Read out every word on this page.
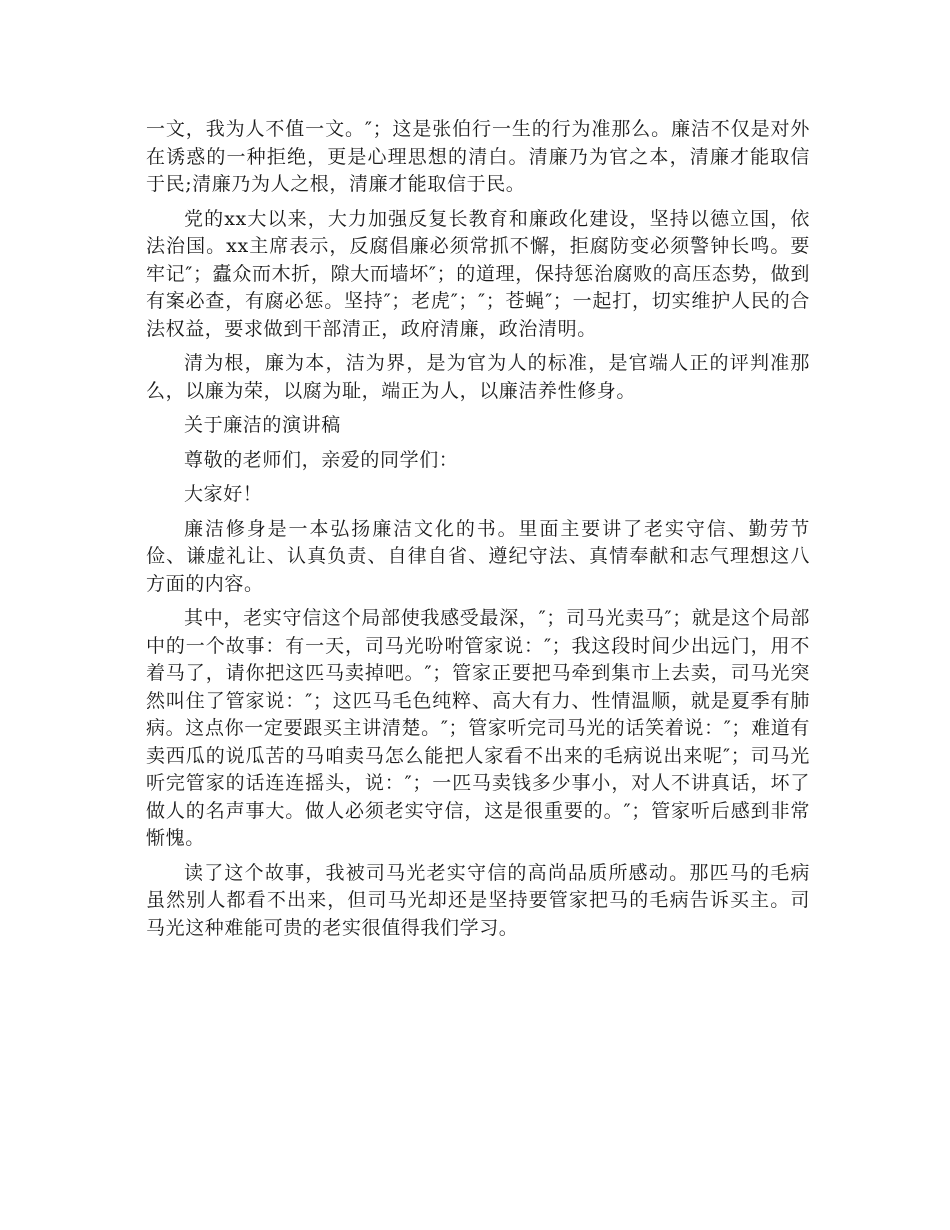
一文，我为人不值一文。″；这是张伯行一生的行为准那么。廉洁不仅是对外在诱惑的一种拒绝，更是心理思想的清白。清廉乃为官之本，清廉才能取信于民;清廉乃为人之根，清廉才能取信于民。

党的xx大以来，大力加强反复长教育和廉政化建设，坚持以德立国，依法治国。xx主席表示，反腐倡廉必须常抓不懈，拒腐防变必须警钟长鸣。要牢记″；蠹众而木折，隙大而墙坏″；的道理，保持惩治腐败的高压态势，做到有案必查，有腐必惩。坚持″；老虎″；″；苍蝇″；一起打，切实维护人民的合法权益，要求做到干部清正，政府清廉，政治清明。

清为根，廉为本，洁为界，是为官为人的标准，是官端人正的评判准那么，以廉为荣，以腐为耻，端正为人，以廉洁养性修身。

关于廉洁的演讲稿

尊敬的老师们，亲爱的同学们：

大家好！

廉洁修身是一本弘扬廉洁文化的书。里面主要讲了老实守信、勤劳节俭、谦虚礼让、认真负责、自律自省、遵纪守法、真情奉献和志气理想这八方面的内容。

其中，老实守信这个局部使我感受最深，″；司马光卖马″；就是这个局部中的一个故事：有一天，司马光吩咐管家说：″；我这段时间少出远门，用不着马了，请你把这匹马卖掉吧。″；管家正要把马牵到集市上去卖，司马光突然叫住了管家说：″；这匹马毛色纯粹、高大有力、性情温顺，就是夏季有肺病。这点你一定要跟买主讲清楚。″；管家听完司马光的话笑着说：″；难道有卖西瓜的说瓜苦的马咱卖马怎么能把人家看不出来的毛病说出来呢″；司马光听完管家的话连连摇头，说：″；一匹马卖钱多少事小，对人不讲真话，坏了做人的名声事大。做人必须老实守信，这是很重要的。″；管家听后感到非常惭愧。

读了这个故事，我被司马光老实守信的高尚品质所感动。那匹马的毛病虽然别人都看不出来，但司马光却还是坚持要管家把马的毛病告诉买主。司马光这种难能可贵的老实很值得我们学习。
